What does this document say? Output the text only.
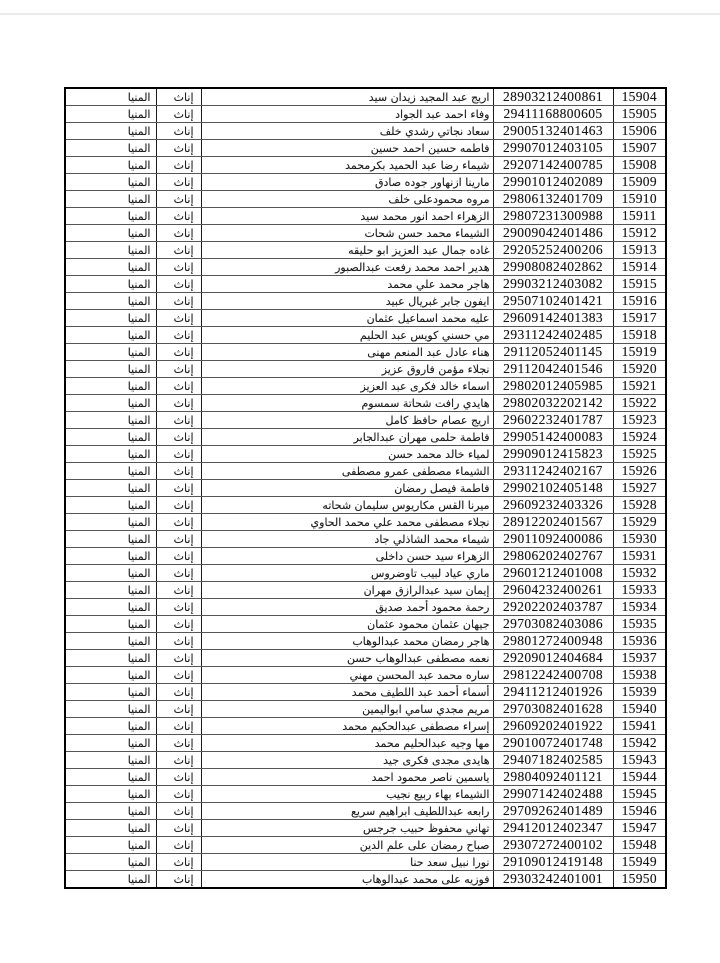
15904	28903212400861	اريج عبد المجيد زيدان سيد	إناث	المنيا
15905	29411168800605	وفاء احمد عبد الجواد	إناث	المنيا
15906	29005132401463	سعاد نجاتي رشدي خلف	إناث	المنيا
15907	29907012403105	فاطمه حسين احمد حسين	إناث	المنيا
15908	29207142400785	شيماء رضا عبد الحميد بكرمحمد	إناث	المنيا
15909	29901012402089	مارينا ازنهاور جوده صادق	إناث	المنيا
15910	29806132401709	مروه محمودعلى خلف	إناث	المنيا
15911	29807231300988	الزهراء احمد انور محمد سيد	إناث	المنيا
15912	29009042401486	الشيماء محمد حسن شحات	إناث	المنيا
15913	29205252400206	غاده جمال عبد العزيز ابو حليقه	إناث	المنيا
15914	29908082402862	هدير احمد محمد رفعت عبدالصبور	إناث	المنيا
15915	29903212403082	هاجر محمد علي محمد	إناث	المنيا
15916	29507102401421	ايفون جابر غبريال عبيد	إناث	المنيا
15917	29609142401383	عليه محمد اسماعيل عثمان	إناث	المنيا
15918	29311242402485	مي حسني كويس عبد الحليم	إناث	المنيا
15919	29112052401145	هناء عادل عبد المنعم مهنى	إناث	المنيا
15920	29112042401546	نجلاء مؤمن فاروق عزيز	إناث	المنيا
15921	29802012405985	اسماء خالد فكرى عبد العزيز	إناث	المنيا
15922	29802032202142	هايدي رافت شحاتة سمسوم	إناث	المنيا
15923	29602232401787	اريج عصام حافظ كامل	إناث	المنيا
15924	29905142400083	فاطمة حلمى مهران عبدالجابر	إناث	المنيا
15925	29909012415823	لمياء خالد محمد حسن	إناث	المنيا
15926	29311242402167	الشيماء مصطفى عمرو مصطفى	إناث	المنيا
15927	29902102405148	فاطمة فيصل رمضان	إناث	المنيا
15928	29609232403326	ميرنا القس مكاريوس سليمان شحاته	إناث	المنيا
15929	28912202401567	نجلاء مصطفى محمد علي محمد الحاوي	إناث	المنيا
15930	29011092400086	شيماء محمد الشاذلي جاد	إناث	المنيا
15931	29806202402767	الزهراء سيد حسن داخلى	إناث	المنيا
15932	29601212401008	ماري عياد لبيب تاوضروس	إناث	المنيا
15933	29604232400261	إيمان سيد عبدالرازق مهران	إناث	المنيا
15934	29202202403787	رحمة محمود أحمد صديق	إناث	المنيا
15935	29703082403086	جيهان عثمان محمود عثمان	إناث	المنيا
15936	29801272400948	هاجر رمضان محمد عبدالوهاب	إناث	المنيا
15937	29209012404684	نعمه مصطفى عبدالوهاب حسن	إناث	المنيا
15938	29812242400708	ساره محمد عبد المحسن مهني	إناث	المنيا
15939	29411212401926	أسماء أحمد عبد اللطيف محمد	إناث	المنيا
15940	29703082401628	مريم مجدي سامي ابواليمين	إناث	المنيا
15941	29609202401922	إسراء مصطفى عبدالحكيم محمد	إناث	المنيا
15942	29010072401748	مها وجيه عبدالحليم محمد	إناث	المنيا
15943	29407182402585	هايدى مجدى فكرى جيد	إناث	المنيا
15944	29804092401121	ياسمين ناصر محمود احمد	إناث	المنيا
15945	29907142402488	الشيماء بهاء ربيع نجيب	إناث	المنيا
15946	29709262401489	رابعه عبداللطيف ابراهيم سريع	إناث	المنيا
15947	29412012402347	تهاني محفوظ حبيب جرجس	إناث	المنيا
15948	29307272400102	صباح رمضان على علم الدين	إناث	المنيا
15949	29109012419148	نورا نبيل سعد حنا	إناث	المنيا
15950	29303242401001	فوزيه على محمد عبدالوهاب	إناث	المنيا
